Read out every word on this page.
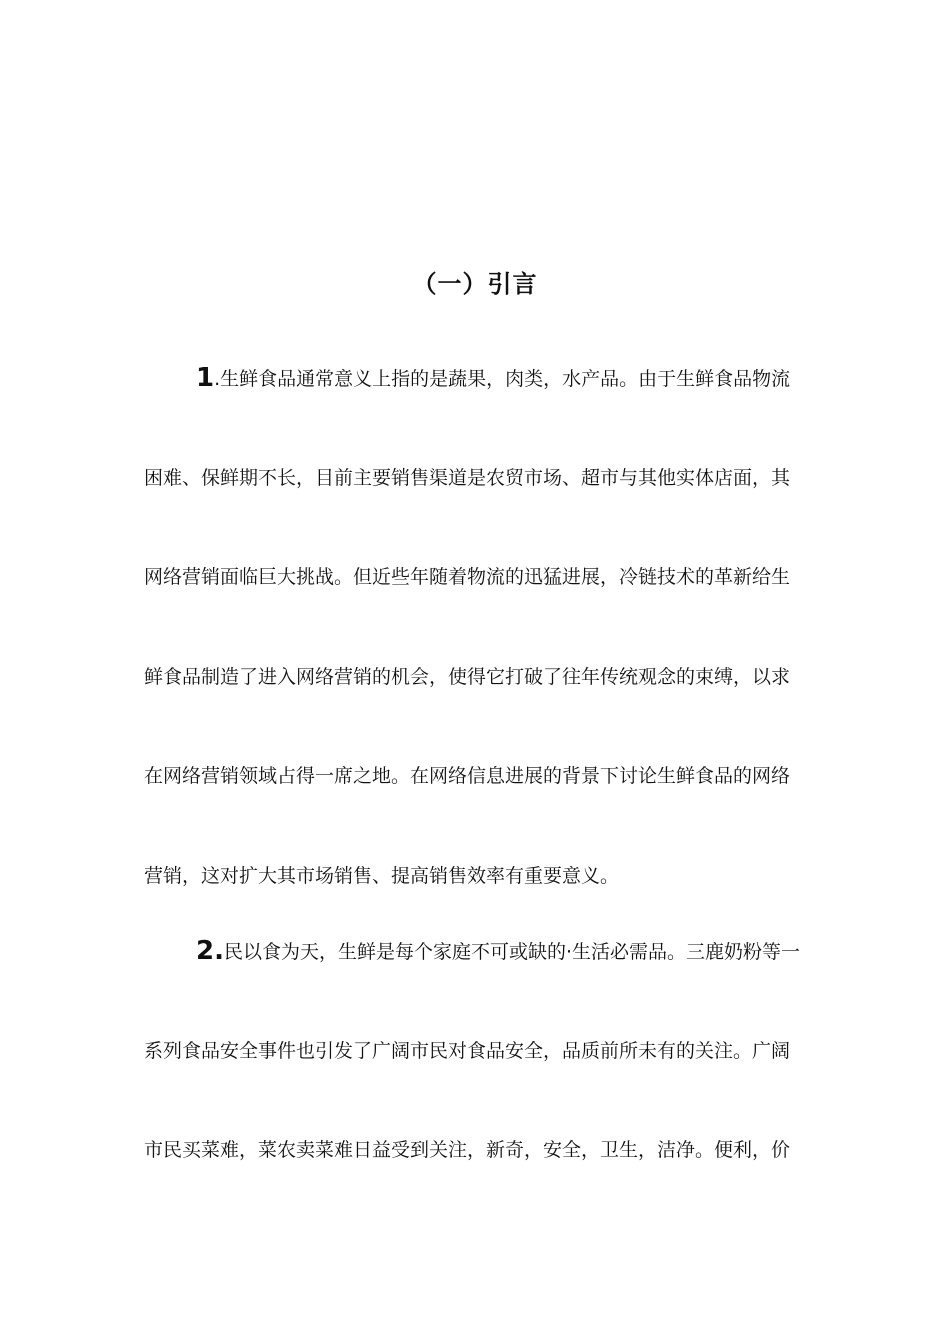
（一）引言
1.生鲜食品通常意义上指的是蔬果，肉类，水产品。由于生鲜食品物流
困难、保鲜期不长，目前主要销售渠道是农贸市场、超市与其他实体店面，其
网络营销面临巨大挑战。但近些年随着物流的迅猛进展，冷链技术的革新给生
鲜食品制造了进入网络营销的机会，使得它打破了往年传统观念的束缚，以求
在网络营销领域占得一席之地。在网络信息进展的背景下讨论生鲜食品的网络
营销，这对扩大其市场销售、提高销售效率有重要意义。
2.民以食为天，生鲜是每个家庭不可或缺的·生活必需品。三鹿奶粉等一
系列食品安全事件也引发了广阔市民对食品安全，品质前所未有的关注。广阔
市民买菜难，菜农卖菜难日益受到关注，新奇，安全，卫生，洁净。便利，价
